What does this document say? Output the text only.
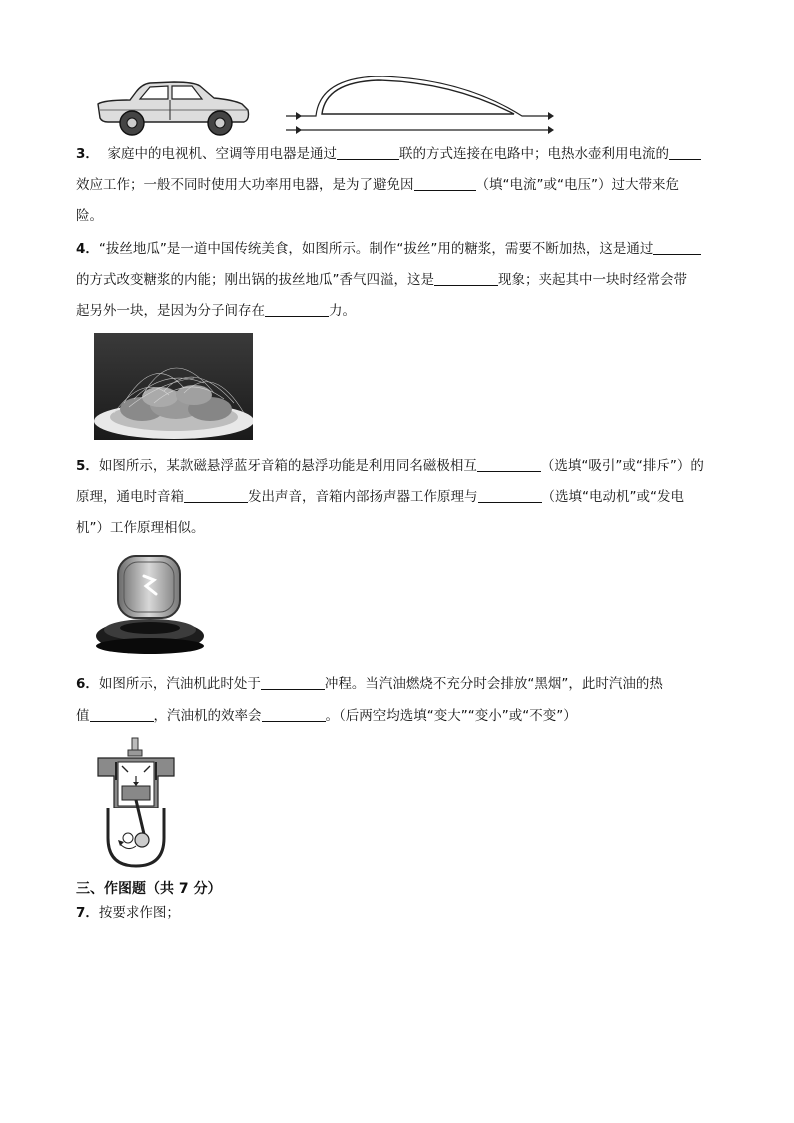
3． 家庭中的电视机、空调等用电器是通过	联的方式连接在电路中；电热水壶利用电流的
效应工作；一般不同时使用大功率用电器，是为了避免因	（填“电流”或“电压”）过大带来危
险。
4．“拔丝地瓜”是一道中国传统美食，如图所示。制作“拔丝”用的糖浆，需要不断加热，这是通过
的方式改变糖浆的内能；刚出锅的拔丝地瓜”香气四溢，这是	现象；夹起其中一块时经常会带
起另外一块，是因为分子间存在	力。
5．如图所示，某款磁悬浮蓝牙音箱的悬浮功能是利用同名磁极相互	（选填“吸引”或“排斥”）的
原理，通电时音箱	发出声音，音箱内部扬声器工作原理与	（选填“电动机”或“发电
机”）工作原理相似。
6．如图所示，汽油机此时处于	冲程。当汽油燃烧不充分时会排放“黑烟”，此时汽油的热
值	，汽油机的效率会	。（后两空均选填“变大”“变小”或“不变”）
三、作图题（共 7 分）
7．按要求作图；
